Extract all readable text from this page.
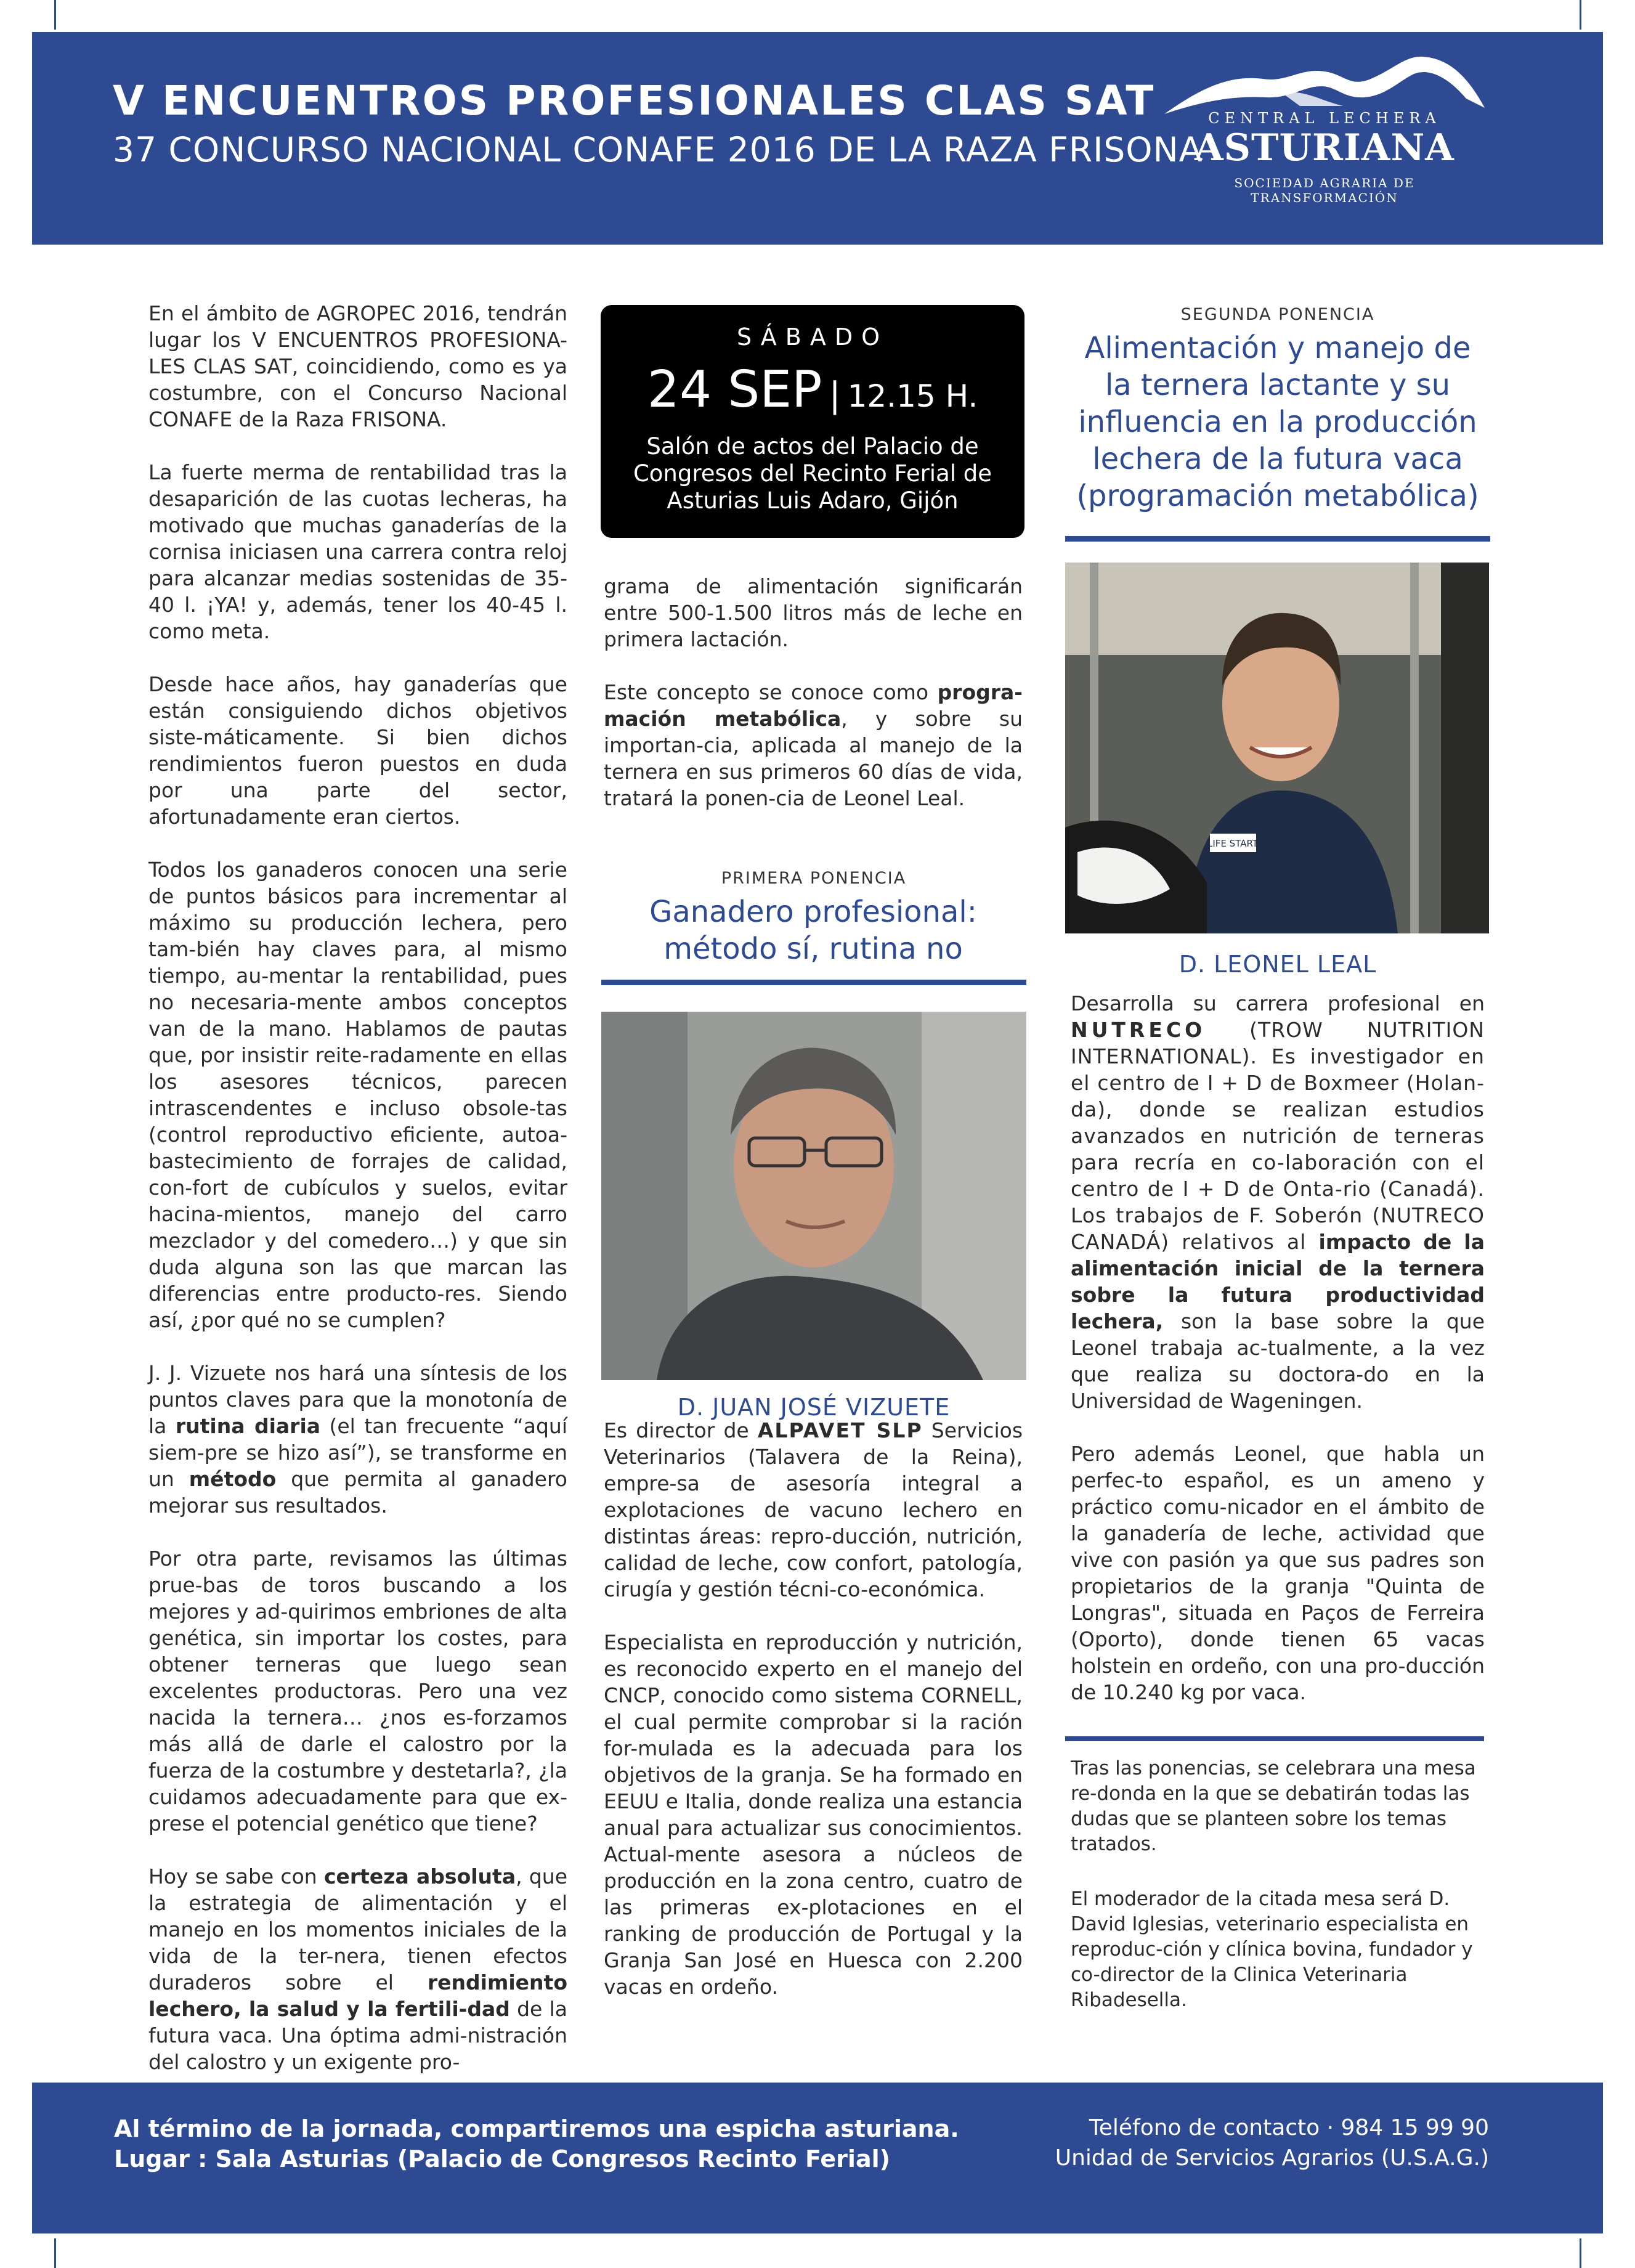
V ENCUENTROS PROFESIONALES CLAS SAT
37 CONCURSO NACIONAL CONAFE 2016 DE LA RAZA FRISONA
CENTRAL LECHERA
ASTURIANA
SOCIEDAD AGRARIA DE TRANSFORMACIÓN

En el ámbito de AGROPEC 2016, tendrán lugar los V ENCUENTROS PROFESIONA-LES CLAS SAT, coincidiendo, como es ya costumbre, con el Concurso Nacional CONAFE de la Raza FRISONA.

La fuerte merma de rentabilidad tras la desaparición de las cuotas lecheras, ha motivado que muchas ganaderías de la cornisa iniciasen una carrera contra reloj para alcanzar medias sostenidas de 35-40 l. ¡YA! y, además, tener los 40-45 l. como meta.

Desde hace años, hay ganaderías que están consiguiendo dichos objetivos siste-máticamente. Si bien dichos rendimientos fueron puestos en duda por una parte del sector, afortunadamente eran ciertos.

Todos los ganaderos conocen una serie de puntos básicos para incrementar al máximo su producción lechera, pero tam-bién hay claves para, al mismo tiempo, au-mentar la rentabilidad, pues no necesaria-mente ambos conceptos van de la mano. Hablamos de pautas que, por insistir reite-radamente en ellas los asesores técnicos, parecen intrascendentes e incluso obsole-tas (control reproductivo eficiente, autoa-bastecimiento de forrajes de calidad, con-fort de cubículos y suelos, evitar hacina-mientos, manejo del carro mezclador y del comedero…) y que sin duda alguna son las que marcan las diferencias entre producto-res. Siendo así, ¿por qué no se cumplen?

J. J. Vizuete nos hará una síntesis de los puntos claves para que la monotonía de la rutina diaria (el tan frecuente “aquí siem-pre se hizo así”), se transforme en un método que permita al ganadero mejorar sus resultados.

Por otra parte, revisamos las últimas prue-bas de toros buscando a los mejores y ad-quirimos embriones de alta genética, sin importar los costes, para obtener terneras que luego sean excelentes productoras. Pero una vez nacida la ternera… ¿nos es-forzamos más allá de darle el calostro por la fuerza de la costumbre y destetarla?, ¿la cuidamos adecuadamente para que ex-prese el potencial genético que tiene?

Hoy se sabe con certeza absoluta, que la estrategia de alimentación y el manejo en los momentos iniciales de la vida de la ter-nera, tienen efectos duraderos sobre el rendimiento lechero, la salud y la fertili-dad de la futura vaca. Una óptima admi-nistración del calostro y un exigente pro-

SÁBADO
24 SEP | 12.15 H.
Salón de actos del Palacio de Congresos del Recinto Ferial de Asturias Luis Adaro, Gijón

grama de alimentación significarán entre 500-1.500 litros más de leche en primera lactación.

Este concepto se conoce como progra-mación metabólica, y sobre su importan-cia, aplicada al manejo de la ternera en sus primeros 60 días de vida, tratará la ponen-cia de Leonel Leal.

PRIMERA PONENCIA
Ganadero profesional: método sí, rutina no
D. JUAN JOSÉ VIZUETE

Es director de ALPAVET SLP Servicios Veterinarios (Talavera de la Reina), empre-sa de asesoría integral a explotaciones de vacuno lechero en distintas áreas: repro-ducción, nutrición, calidad de leche, cow confort, patología, cirugía y gestión técni-co-económica.

Especialista en reproducción y nutrición, es reconocido experto en el manejo del CNCP, conocido como sistema CORNELL, el cual permite comprobar si la ración for-mulada es la adecuada para los objetivos de la granja. Se ha formado en EEUU e Italia, donde realiza una estancia anual para actualizar sus conocimientos. Actual-mente asesora a núcleos de producción en la zona centro, cuatro de las primeras ex-plotaciones en el ranking de producción de Portugal y la Granja San José en Huesca con 2.200 vacas en ordeño.

SEGUNDA PONENCIA
Alimentación y manejo de la ternera lactante y su influencia en la producción lechera de la futura vaca (programación metabólica)
LIFE START
D. LEONEL LEAL

Desarrolla su carrera profesional en NUTRECO (TROW NUTRITION INTERNATIONAL). Es investigador en el centro de I + D de Boxmeer (Holan-da), donde se realizan estudios avanzados en nutrición de terneras para recría en co-laboración con el centro de I + D de Onta-rio (Canadá). Los trabajos de F. Soberón (NUTRECO CANADÁ) relativos al impacto de la alimentación inicial de la ternera sobre la futura productividad lechera, son la base sobre la que Leonel trabaja ac-tualmente, a la vez que realiza su doctora-do en la Universidad de Wageningen.

Pero además Leonel, que habla un perfec-to español, es un ameno y práctico comu-nicador en el ámbito de la ganadería de leche, actividad que vive con pasión ya que sus padres son propietarios de la granja "Quinta de Longras", situada en Paços de Ferreira (Oporto), donde tienen 65 vacas holstein en ordeño, con una pro-ducción de 10.240 kg por vaca.

Tras las ponencias, se celebrara una mesa re-donda en la que se debatirán todas las dudas que se planteen sobre los temas tratados.

El moderador de la citada mesa será D. David Iglesias, veterinario especialista en reproduc-ción y clínica bovina, fundador y co-director de la Clinica Veterinaria Ribadesella.

Al término de la jornada, compartiremos una espicha asturiana.
Lugar : Sala Asturias (Palacio de Congresos Recinto Ferial)
Teléfono de contacto · 984 15 99 90
Unidad de Servicios Agrarios (U.S.A.G.)
